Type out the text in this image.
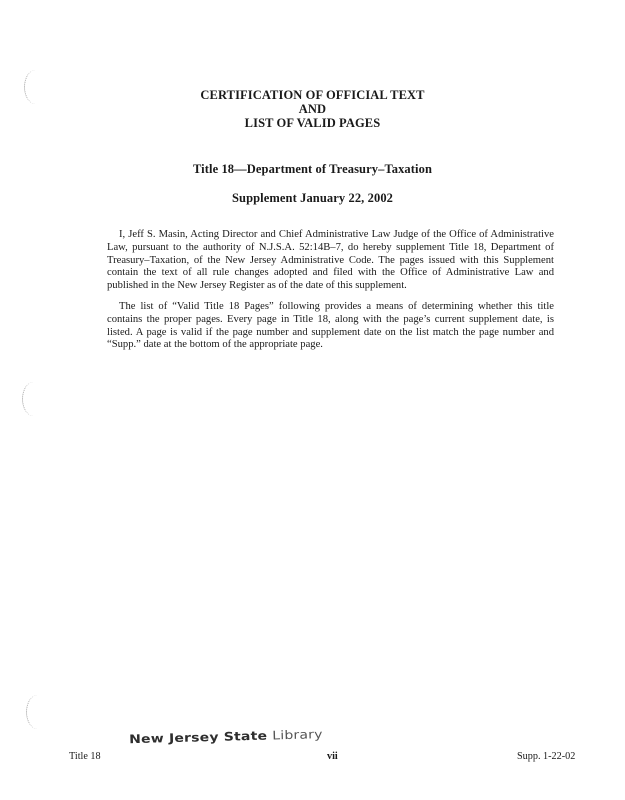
CERTIFICATION OF OFFICIAL TEXT
AND
LIST OF VALID PAGES
Title 18—Department of Treasury–Taxation
Supplement January 22, 2002

I, Jeff S. Masin, Acting Director and Chief Administrative Law Judge of the Office of Administrative Law, pursuant to the authority of N.J.S.A. 52:14B–7, do hereby supplement Title 18, Department of Treasury–Taxation, of the New Jersey Administrative Code. The pages issued with this Supplement contain the text of all rule changes adopted and filed with the Office of Administrative Law and published in the New Jersey Register as of the date of this supplement.

The list of “Valid Title 18 Pages” following provides a means of determining whether this title contains the proper pages. Every page in Title 18, along with the page’s current supplement date, is listed. A page is valid if the page number and supplement date on the list match the page number and “Supp.” date at the bottom of the appropriate page.

New Jersey State Library
Title 18	vii	Supp. 1-22-02
